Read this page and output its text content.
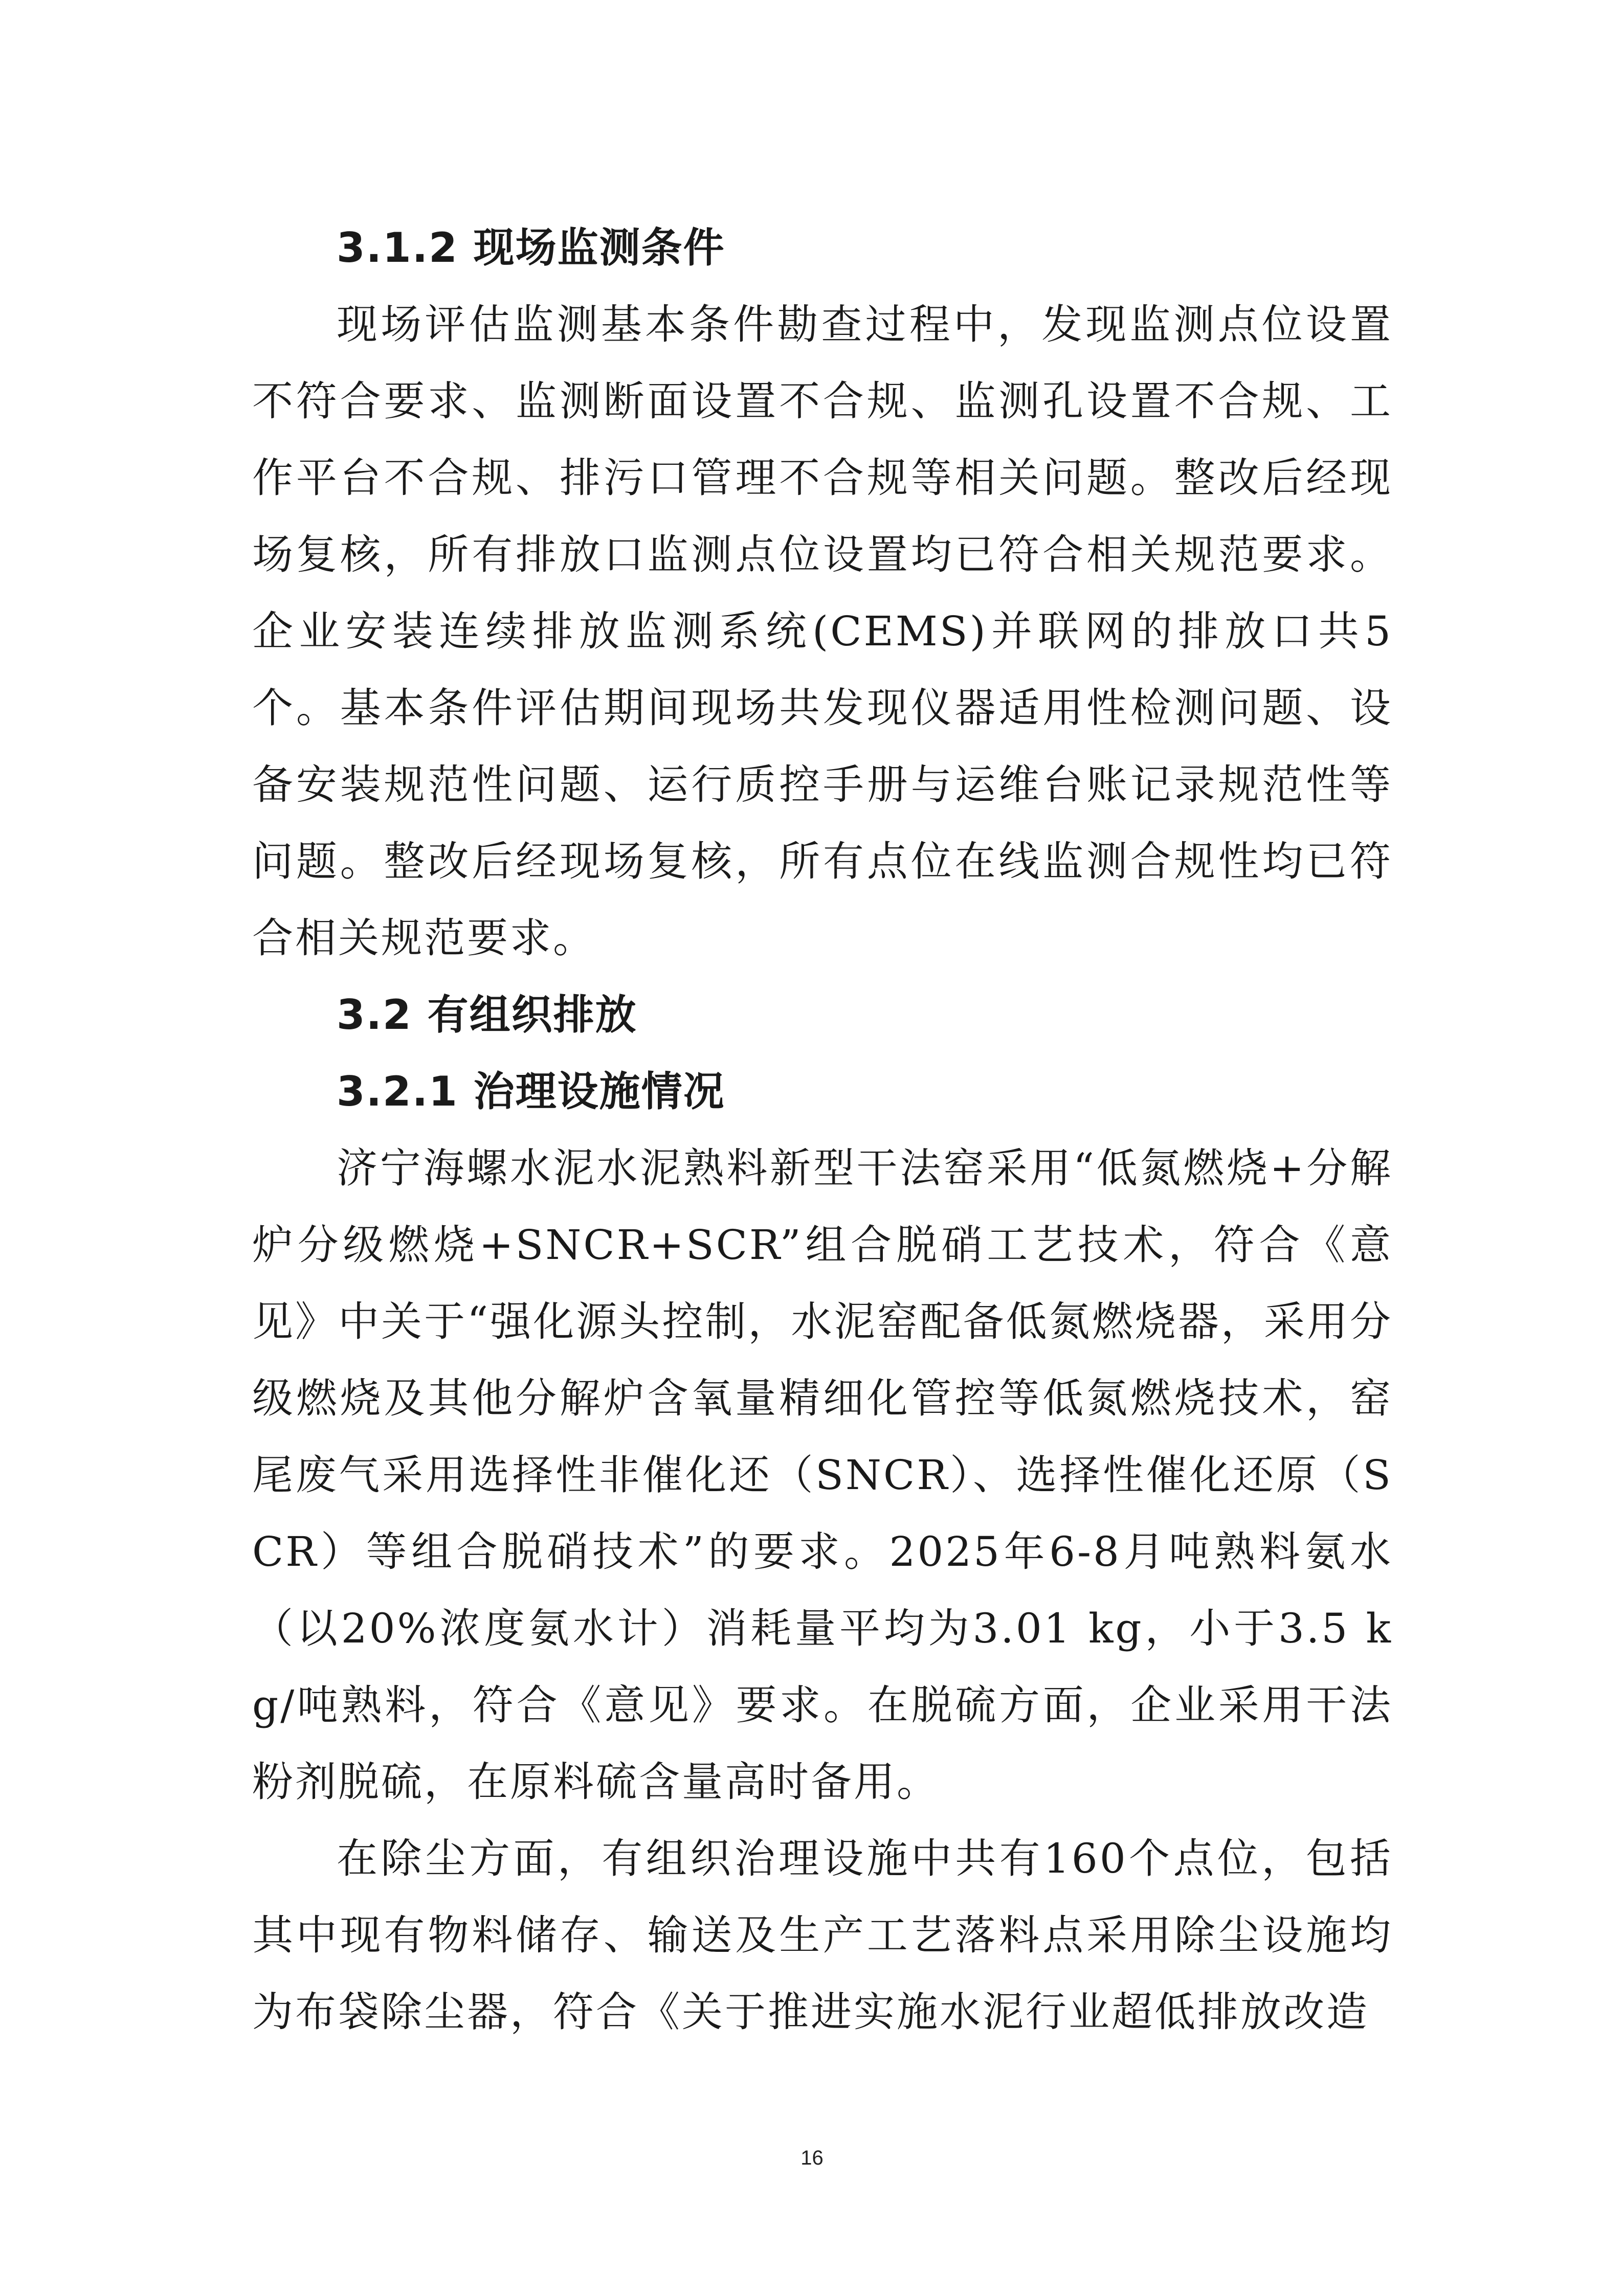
3.1.2 现场监测条件

现场评估监测基本条件勘查过程中，发现监测点位设置不符合要求、监测断面设置不合规、监测孔设置不合规、工作平台不合规、排污口管理不合规等相关问题。整改后经现场复核，所有排放口监测点位设置均已符合相关规范要求。企业安装连续排放监测系统(CEMS)并联网的排放口共5个。基本条件评估期间现场共发现仪器适用性检测问题、设备安装规范性问题、运行质控手册与运维台账记录规范性等问题。整改后经现场复核，所有点位在线监测合规性均已符合相关规范要求。

3.2 有组织排放
3.2.1 治理设施情况

济宁海螺水泥水泥熟料新型干法窑采用“低氮燃烧+分解炉分级燃烧+SNCR+SCR”组合脱硝工艺技术，符合《意见》中关于“强化源头控制，水泥窑配备低氮燃烧器，采用分级燃烧及其他分解炉含氧量精细化管控等低氮燃烧技术，窑尾废气采用选择性非催化还（SNCR）、选择性催化还原（SCR）等组合脱硝技术”的要求。2025年6-8月吨熟料氨水（以20%浓度氨水计）消耗量平均为3.01 kg，小于3.5 kg/吨熟料，符合《意见》要求。在脱硫方面，企业采用干法粉剂脱硫，在原料硫含量高时备用。

在除尘方面，有组织治理设施中共有160个点位，包括其中现有物料储存、输送及生产工艺落料点采用除尘设施均为布袋除尘器，符合《关于推进实施水泥行业超低排放改造

16
